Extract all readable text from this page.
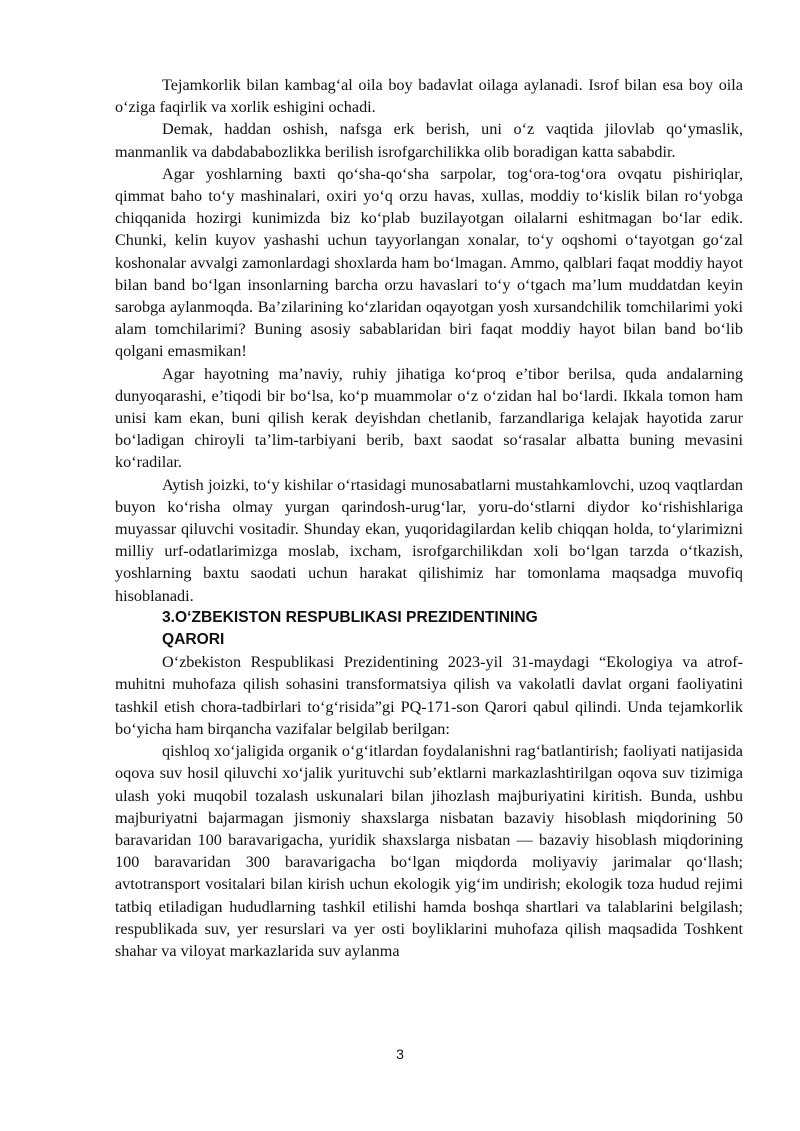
Tejamkorlik bilan kambag‘al oila boy badavlat oilaga aylanadi. Isrof bilan esa boy oila o‘ziga faqirlik va xorlik eshigini ochadi.

Demak, haddan oshish, nafsga erk berish, uni o‘z vaqtida jilovlab qo‘ymaslik, manmanlik va dabdababozlikka berilish isrofgarchilikka olib boradigan katta sababdir.

Agar yoshlarning baxti qo‘sha-qo‘sha sarpolar, tog‘ora-tog‘ora ovqatu pishiriqlar, qimmat baho to‘y mashinalari, oxiri yo‘q orzu havas, xullas, moddiy to‘kislik bilan ro‘yobga chiqqanida hozirgi kunimizda biz ko‘plab buzilayotgan oilalarni eshitmagan bo‘lar edik. Chunki, kelin kuyov yashashi uchun tayyorlangan xonalar, to‘y oqshomi o‘tayotgan go‘zal koshonalar avvalgi zamonlardagi shoxlarda ham bo‘lmagan. Ammo, qalblari faqat moddiy hayot bilan band bo‘lgan insonlarning barcha orzu havaslari to‘y o‘tgach ma’lum muddatdan keyin sarobga aylanmoqda. Ba’zilarining ko‘zlaridan oqayotgan yosh xursandchilik tomchilarimi yoki alam tomchilarimi? Buning asosiy sabablaridan biri faqat moddiy hayot bilan band bo‘lib qolgani emasmikan!

Agar hayotning ma’naviy, ruhiy jihatiga ko‘proq e’tibor berilsa, quda andalarning dunyoqarashi, e’tiqodi bir bo‘lsa, ko‘p muammolar o‘z o‘zidan hal bo‘lardi. Ikkala tomon ham unisi kam ekan, buni qilish kerak deyishdan chetlanib, farzandlariga kelajak hayotida zarur bo‘ladigan chiroyli ta’lim-tarbiyani berib, baxt saodat so‘rasalar albatta buning mevasini ko‘radilar.

Aytish joizki, to‘y kishilar o‘rtasidagi munosabatlarni mustahkamlovchi, uzoq vaqtlardan buyon ko‘risha olmay yurgan qarindosh-urug‘lar, yoru-do‘stlarni diydor ko‘rishishlariga muyassar qiluvchi vositadir. Shunday ekan, yuqoridagilardan kelib chiqqan holda, to‘ylarimizni milliy urf-odatlarimizga moslab, ixcham, isrofgarchilikdan xoli bo‘lgan tarzda o‘tkazish, yoshlarning baxtu saodati uchun harakat qilishimiz har tomonlama maqsadga muvofiq hisoblanadi.

3.O‘ZBEKISTON RESPUBLIKASI PREZIDENTINING
QARORI

O‘zbekiston Respublikasi Prezidentining 2023-yil 31-maydagi “Ekologiya va atrof-muhitni muhofaza qilish sohasini transformatsiya qilish va vakolatli davlat organi faoliyatini tashkil etish chora-tadbirlari to‘g‘risida”gi PQ-171-son Qarori qabul qilindi. Unda tejamkorlik bo‘yicha ham birqancha vazifalar belgilab berilgan:

qishloq xo‘jaligida organik o‘g‘itlardan foydalanishni rag‘batlantirish; faoliyati natijasida oqova suv hosil qiluvchi xo‘jalik yurituvchi sub’ektlarni markazlashtirilgan oqova suv tizimiga ulash yoki muqobil tozalash uskunalari bilan jihozlash majburiyatini kiritish. Bunda, ushbu majburiyatni bajarmagan jismoniy shaxslarga nisbatan bazaviy hisoblash miqdorining 50 baravaridan 100 baravarigacha, yuridik shaxslarga nisbatan — bazaviy hisoblash miqdorining 100 baravaridan 300 baravarigacha bo‘lgan miqdorda moliyaviy jarimalar qo‘llash; avtotransport vositalari bilan kirish uchun ekologik yig‘im undirish; ekologik toza hudud rejimi tatbiq etiladigan hududlarning tashkil etilishi hamda boshqa shartlari va talablarini belgilash; respublikada suv, yer resurslari va yer osti boyliklarini muhofaza qilish maqsadida Toshkent shahar va viloyat markazlarida suv aylanma

3
